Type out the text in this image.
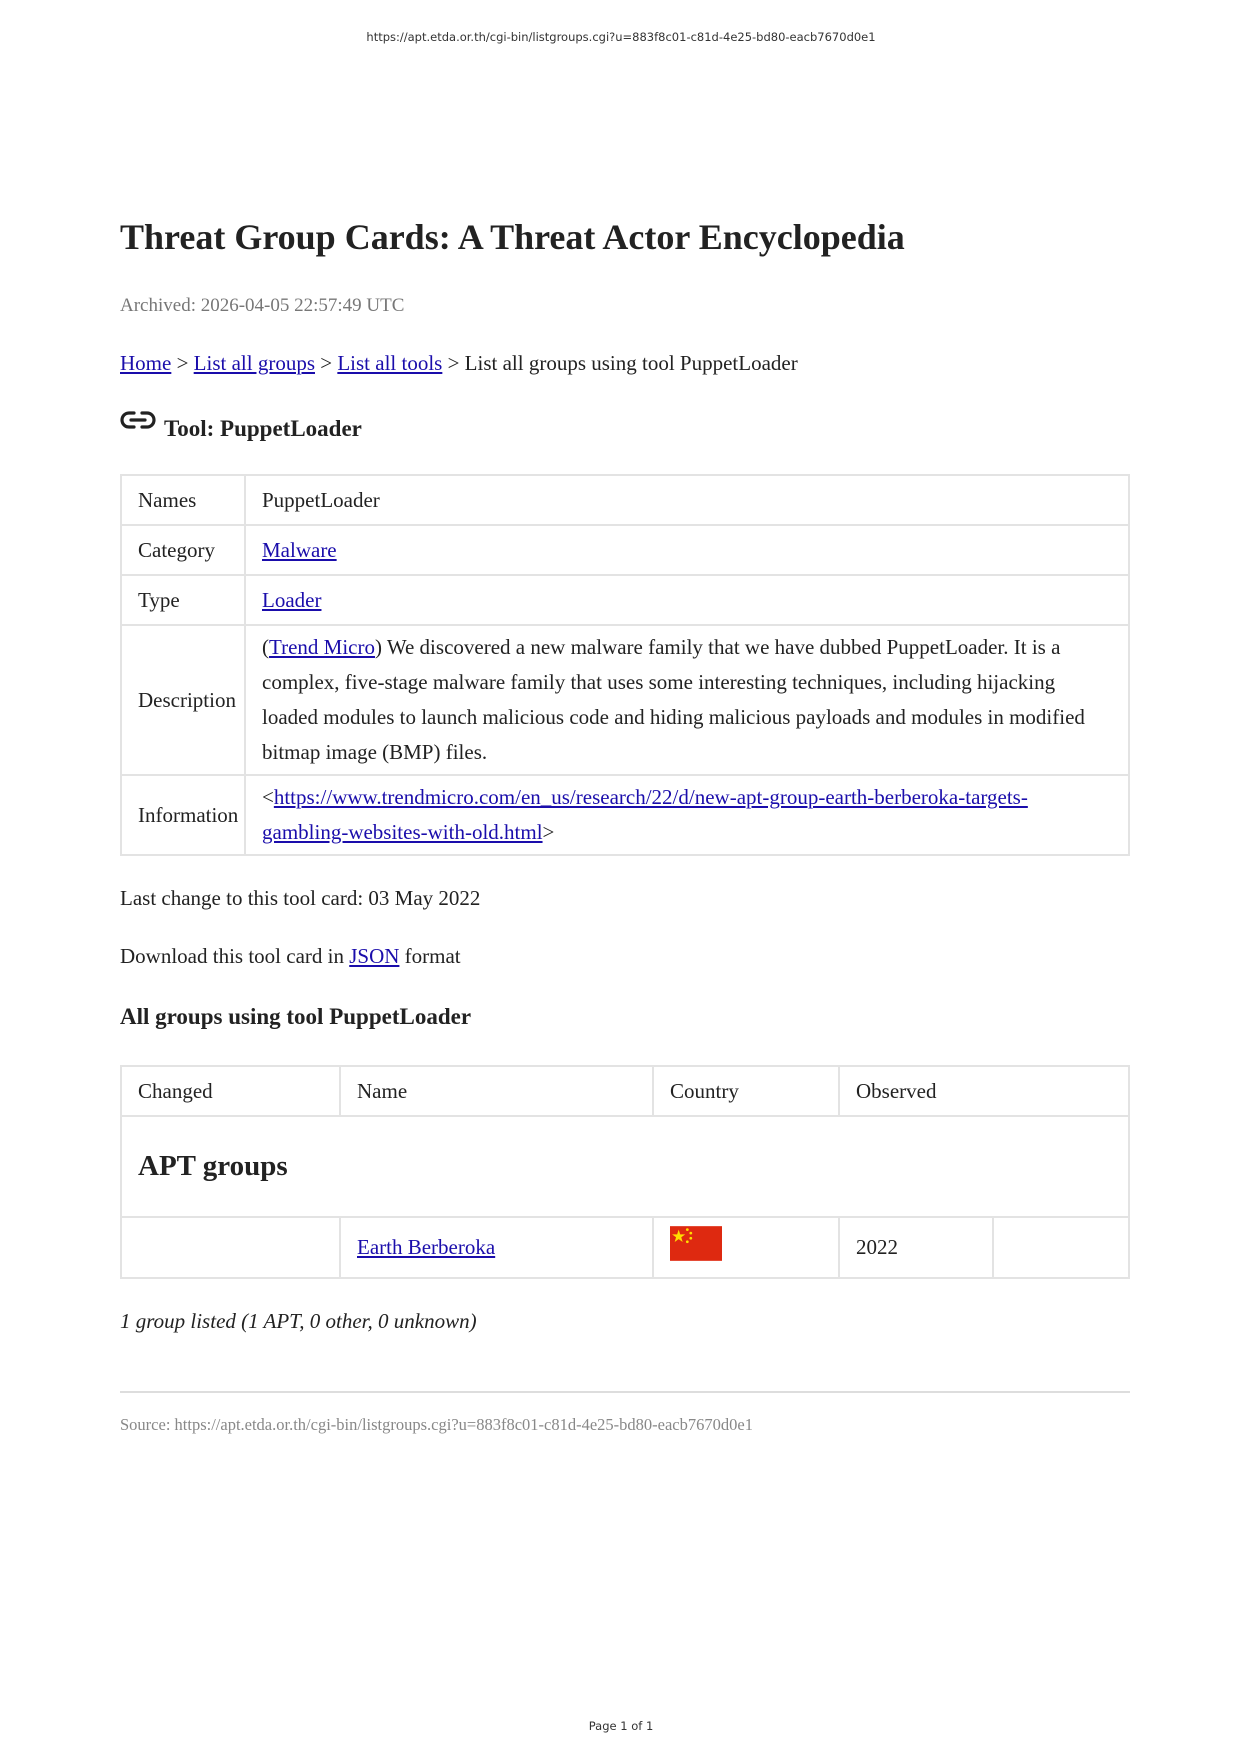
https://apt.etda.or.th/cgi-bin/listgroups.cgi?u=883f8c01-c81d-4e25-bd80-eacb7670d0e1
Threat Group Cards: A Threat Actor Encyclopedia
Archived: 2026-04-05 22:57:49 UTC
Home > List all groups > List all tools > List all groups using tool PuppetLoader
Tool: PuppetLoader
Names	PuppetLoader
Category	Malware
Type	Loader
Description	(Trend Micro) We discovered a new malware family that we have dubbed PuppetLoader. It is a complex, five-stage malware family that uses some interesting techniques, including hijacking loaded modules to launch malicious code and hiding malicious payloads and modules in modified bitmap image (BMP) files.
Information	<https://www.trendmicro.com/en_us/research/22/d/new-apt-group-earth-berberoka-targets-gambling-websites-with-old.html>
Last change to this tool card: 03 May 2022
Download this tool card in JSON format
All groups using tool PuppetLoader
Changed	Name	Country	Observed	
APT groups				
	Earth Berberoka		2022	
1 group listed (1 APT, 0 other, 0 unknown)
Source: https://apt.etda.or.th/cgi-bin/listgroups.cgi?u=883f8c01-c81d-4e25-bd80-eacb7670d0e1
Page 1 of 1
